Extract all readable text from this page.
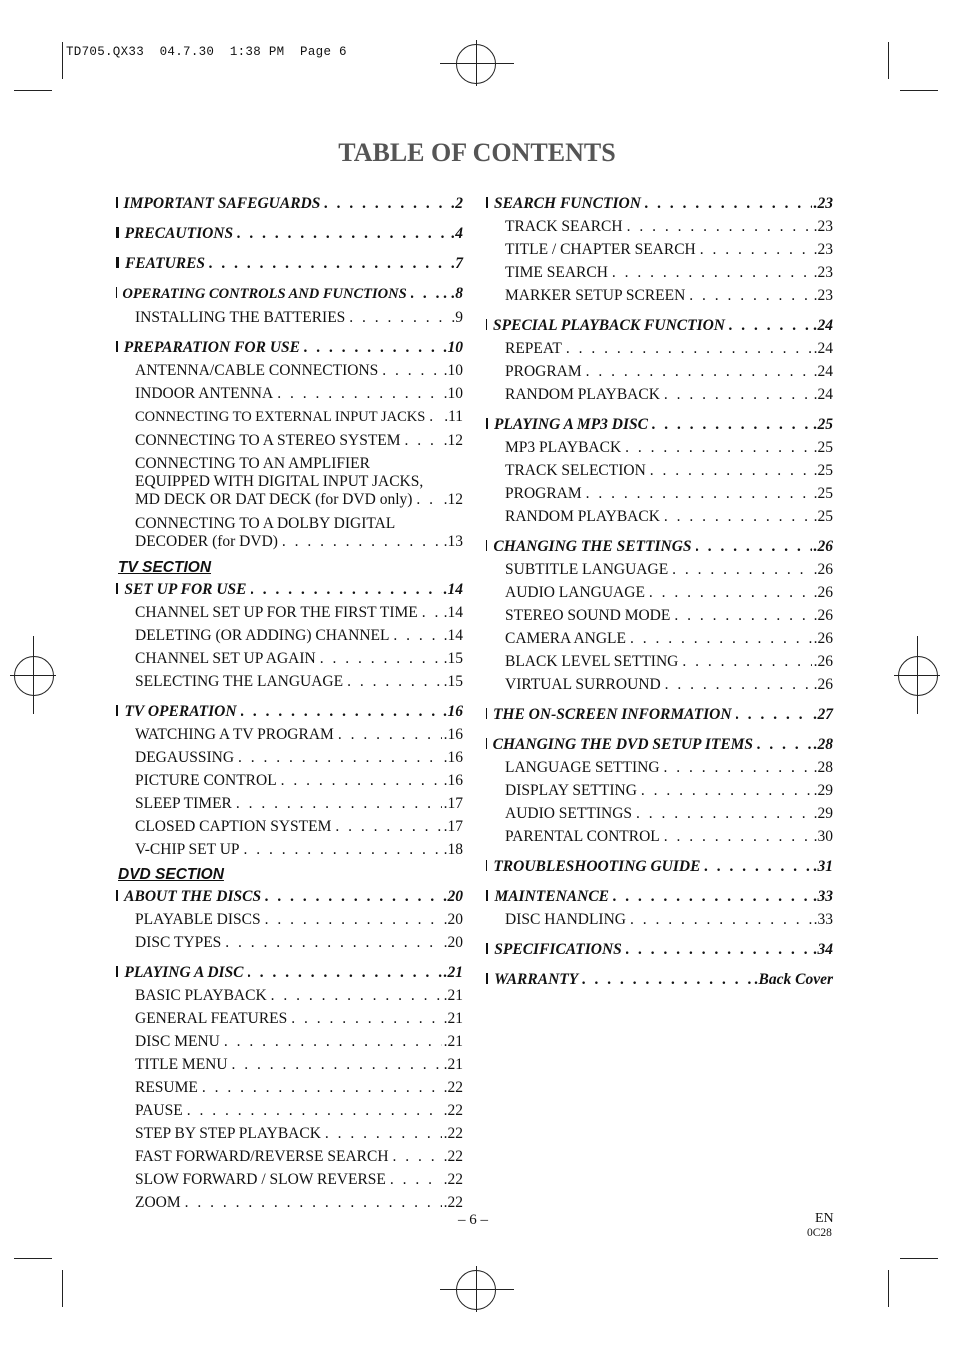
TD705.QX33  04.7.30  1:38 PM  Page 6
TABLE OF CONTENTS
IMPORTANT SAFEGUARDS . . .	.2
PRECAUTIONS . . .	.4
FEATURES . . .	.7
OPERATING CONTROLS AND FUNCTIONS . . . . .8
INSTALLING THE BATTERIES . . .	.9
PREPARATION FOR USE . . .	.10
ANTENNA/CABLE CONNECTIONS . . .	.10
INDOOR ANTENNA . . .	.10
CONNECTING TO EXTERNAL INPUT JACKS . . . .11
CONNECTING TO A STEREO SYSTEM . . .	.12
CONNECTING TO AN AMPLIFIER
EQUIPPED WITH DIGITAL INPUT JACKS,
MD DECK OR DAT DECK (for DVD only) . . . .12
CONNECTING TO A DOLBY DIGITAL
DECODER (for DVD) . . .	.13
TV SECTION
SET UP FOR USE . . .	.14
CHANNEL SET UP FOR THE FIRST TIME . . . .14
DELETING (OR ADDING) CHANNEL . . .	.14
CHANNEL SET UP AGAIN . . .	.15
SELECTING THE LANGUAGE . . .	.15
TV OPERATION . . .	.16
WATCHING A TV PROGRAM . . .	.16
DEGAUSSING . . .	.16
PICTURE CONTROL . . .	.16
SLEEP TIMER . . .	.17
CLOSED CAPTION SYSTEM . . .	.17
V-CHIP SET UP . . .	.18
DVD SECTION
ABOUT THE DISCS . . .	.20
PLAYABLE DISCS . . .	.20
DISC TYPES . . .	.20
PLAYING A DISC . . .	.21
BASIC PLAYBACK . . .	.21
GENERAL FEATURES . . .	.21
DISC MENU . . .	.21
TITLE MENU . . .	.21
RESUME . . .	.22
PAUSE . . .	.22
STEP BY STEP PLAYBACK . . .	.22
FAST FORWARD/REVERSE SEARCH . . .	.22
SLOW FORWARD / SLOW REVERSE . . .	.22
ZOOM . . .	.22
SEARCH FUNCTION . . .	.23
TRACK SEARCH . . .	.23
TITLE / CHAPTER SEARCH . . .	.23
TIME SEARCH . . .	.23
MARKER SETUP SCREEN . . .	.23
SPECIAL PLAYBACK FUNCTION . . .	.24
REPEAT . . .	.24
PROGRAM . . .	.24
RANDOM PLAYBACK . . .	.24
PLAYING A MP3 DISC . . .	.25
MP3 PLAYBACK . . .	.25
TRACK SELECTION . . .	.25
PROGRAM . . .	.25
RANDOM PLAYBACK . . .	.25
CHANGING THE SETTINGS . . .	.26
SUBTITLE LANGUAGE . . .	.26
AUDIO LANGUAGE . . .	.26
STEREO SOUND MODE . . .	.26
CAMERA ANGLE . . .	.26
BLACK LEVEL SETTING . . .	.26
VIRTUAL SURROUND . . .	.26
THE ON-SCREEN INFORMATION . . .	.27
CHANGING THE DVD SETUP ITEMS . . .	.28
LANGUAGE SETTING . . .	.28
DISPLAY SETTING . . .	.29
AUDIO SETTINGS . . .	.29
PARENTAL CONTROL . . .	.30
TROUBLESHOOTING GUIDE . . .	.31
MAINTENANCE . . .	.33
DISC HANDLING . . .	.33
SPECIFICATIONS . . .	.34
WARRANTY . . .	.Back Cover
– 6 –	EN
0C28
